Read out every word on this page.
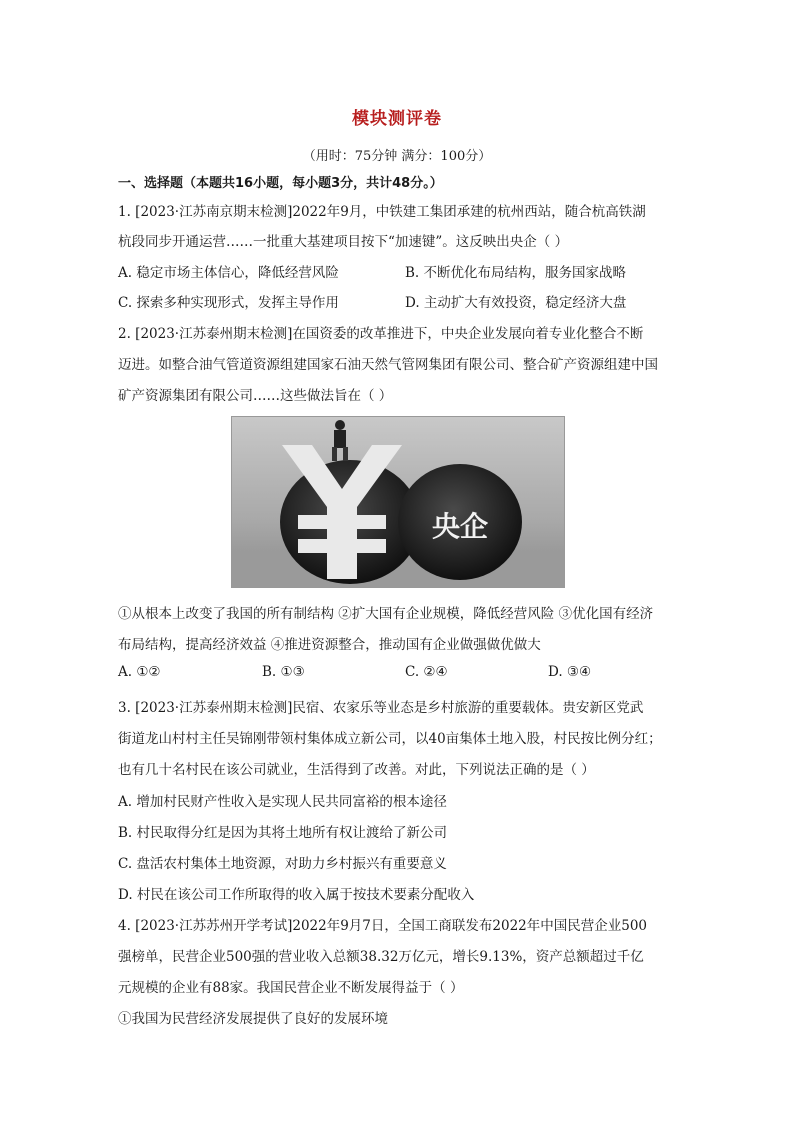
模块测评卷
（用时：75分钟 满分：100分）
一、选择题（本题共16小题，每小题3分，共计48分。）
1. [2023·江苏南京期末检测]2022年9月，中铁建工集团承建的杭州西站，随合杭高铁湖
杭段同步开通运营……一批重大基建项目按下“加速键”。这反映出央企（ ）
A. 稳定市场主体信心，降低经营风险	B. 不断优化布局结构，服务国家战略
C. 探索多种实现形式，发挥主导作用	D. 主动扩大有效投资，稳定经济大盘
2. [2023·江苏泰州期末检测]在国资委的改革推进下，中央企业发展向着专业化整合不断
迈进。如整合油气管道资源组建国家石油天然气管网集团有限公司、整合矿产资源组建中国
矿产资源集团有限公司……这些做法旨在（ ）
央企
①从根本上改变了我国的所有制结构 ②扩大国有企业规模，降低经营风险 ③优化国有经济
布局结构，提高经济效益 ④推进资源整合，推动国有企业做强做优做大
A. ①②	B. ①③	C. ②④	D. ③④
3. [2023·江苏泰州期末检测]民宿、农家乐等业态是乡村旅游的重要载体。贵安新区党武
街道龙山村村主任吴锦刚带领村集体成立新公司，以40亩集体土地入股，村民按比例分红；
也有几十名村民在该公司就业，生活得到了改善。对此，下列说法正确的是（ ）
A. 增加村民财产性收入是实现人民共同富裕的根本途径
B. 村民取得分红是因为其将土地所有权让渡给了新公司
C. 盘活农村集体土地资源，对助力乡村振兴有重要意义
D. 村民在该公司工作所取得的收入属于按技术要素分配收入
4. [2023·江苏苏州开学考试]2022年9月7日，全国工商联发布2022年中国民营企业500
强榜单，民营企业500强的营业收入总额38.32万亿元，增长9.13%，资产总额超过千亿
元规模的企业有88家。我国民营企业不断发展得益于（ ）
①我国为民营经济发展提供了良好的发展环境
